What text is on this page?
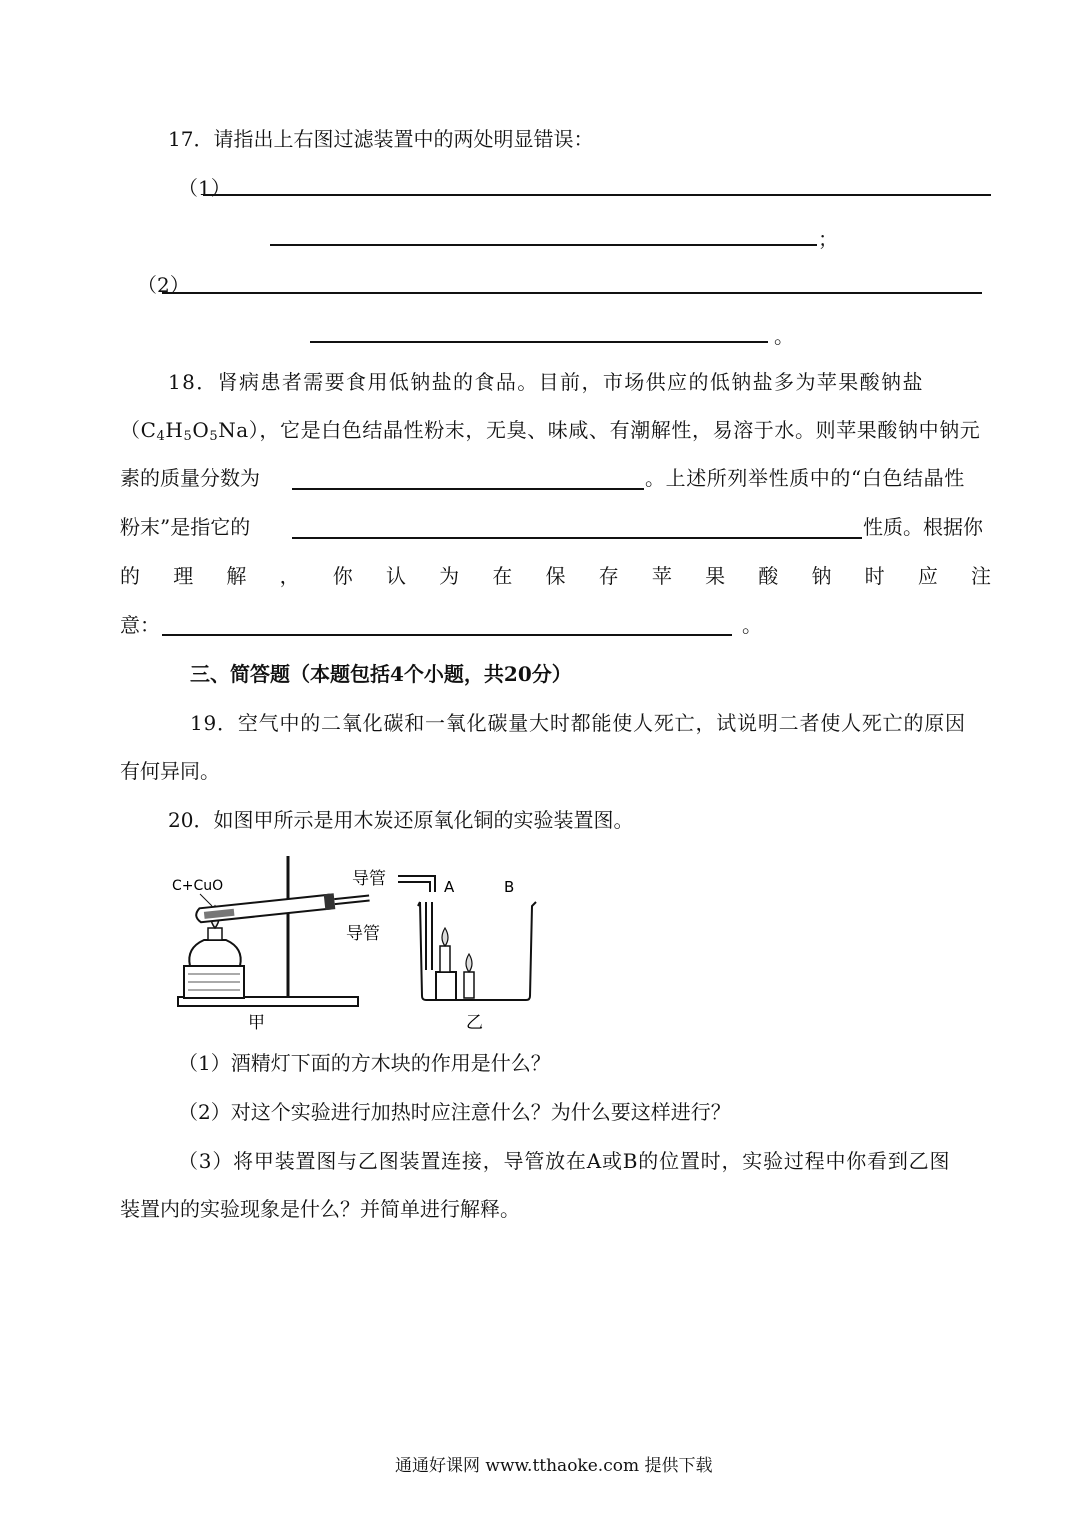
17．请指出上右图过滤装置中的两处明显错误：
（1）
；
（2）
。
18．肾病患者需要食用低钠盐的食品。目前，市场供应的低钠盐多为苹果酸钠盐
$(C_4H_5O_5Na)$，它是白色结晶性粉末，无臭、味咸、有潮解性，易溶于水。则苹果酸钠中钠元
素的质量分数为	。上述所列举性质中的“白色结晶性
粉末”是指它的	性质。根据你
的 理 解 ， 你 认 为 在 保 存 苹 果 酸 钠 时 应 注
意：	。
三、简答题（本题包括4个小题，共20分）
19．空气中的二氧化碳和一氧化碳量大时都能使人死亡，试说明二者使人死亡的原因
有何异同。
20．如图甲所示是用木炭还原氧化铜的实验装置图。
C+CuO
导管
甲
导管	A	B
乙
（1）酒精灯下面的方木块的作用是什么？
（2）对这个实验进行加热时应注意什么？为什么要这样进行？
（3）将甲装置图与乙图装置连接，导管放在A或B的位置时，实验过程中你看到乙图
装置内的实验现象是什么？并简单进行解释。
通通好课网 www.tthaoke.com 提供下载
